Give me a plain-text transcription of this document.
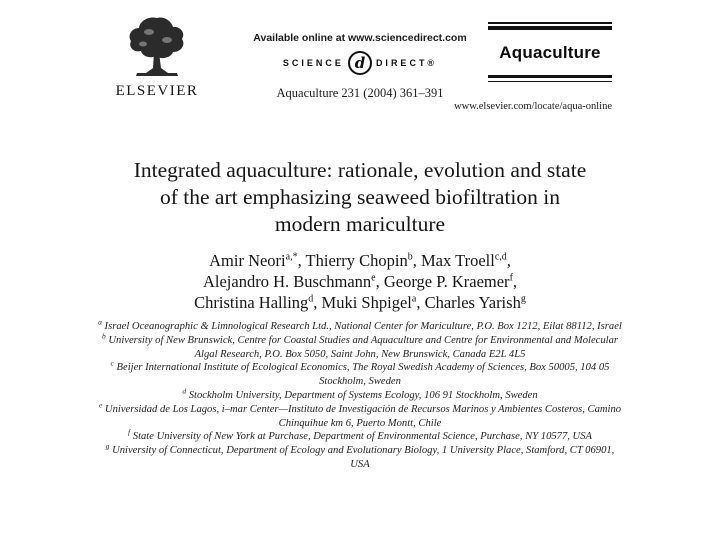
ELSEVIER
Available online at www.sciencedirect.com
SCIENCE d	DIRECT®
Aquaculture 231 (2004) 361–391
Aquaculture
www.elsevier.com/locate/aqua-online
Integrated aquaculture: rationale, evolution and state
of the art emphasizing seaweed biofiltration in
modern mariculture
Amir Neori$^{a,*}$, Thierry Chopin$^b$, Max Troell$^{c,d}$,
Alejandro H. Buschmann$^e$, George P. Kraemer$^f$,
Christina Halling$^d$, Muki Shpigel$^a$, Charles Yarish$^g$

$^a$ Israel Oceanographic & Limnological Research Ltd., National Center for Mariculture, P.O. Box 1212, Eilat 88112, Israel

$^b$ University of New Brunswick, Centre for Coastal Studies and Aquaculture and Centre for Environmental and Molecular Algal Research, P.O. Box 5050, Saint John, New Brunswick, Canada E2L 4L5

$^c$ Beijer International Institute of Ecological Economics, The Royal Swedish Academy of Sciences, Box 50005, 104 05 Stockholm, Sweden

$^d$ Stockholm University, Department of Systems Ecology, 106 91 Stockholm, Sweden

$^e$ Universidad de Los Lagos, i–mar Center—Instituto de Investigación de Recursos Marinos y Ambientes Costeros, Camino Chinquihue km 6, Puerto Montt, Chile

$^f$ State University of New York at Purchase, Department of Environmental Science, Purchase, NY 10577, USA

$^g$ University of Connecticut, Department of Ecology and Evolutionary Biology, 1 University Place, Stamford, CT 06901, USA
